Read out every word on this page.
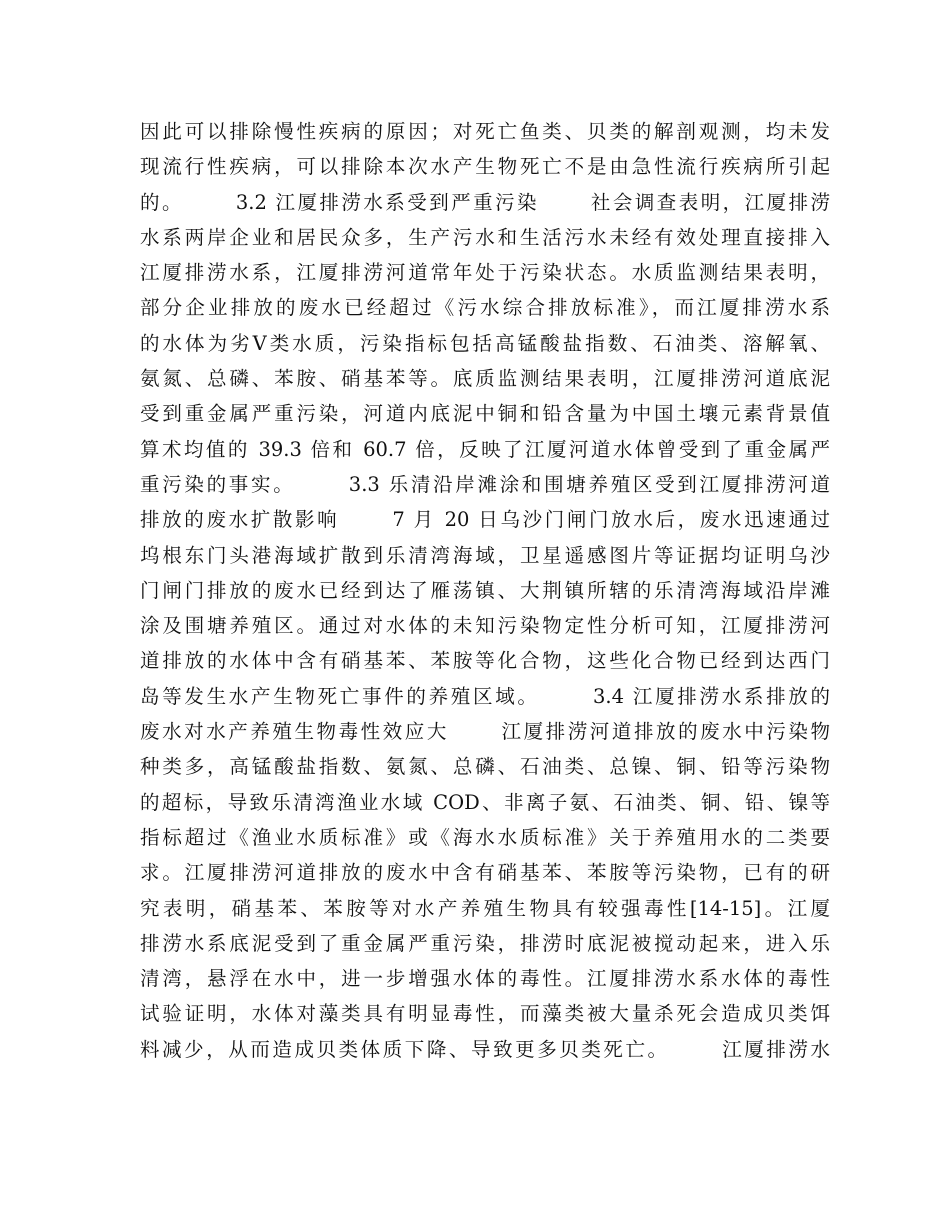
因此可以排除慢性疾病的原因；对死亡鱼类、贝类的解剖观测，均未发
现流行性疾病，可以排除本次水产生物死亡不是由急性流行疾病所引起
的。      3.2 江厦排涝水系受到严重污染      社会调查表明，江厦排涝
水系两岸企业和居民众多，生产污水和生活污水未经有效处理直接排入
江厦排涝水系，江厦排涝河道常年处于污染状态。水质监测结果表明，
部分企业排放的废水已经超过《污水综合排放标准》，而江厦排涝水系
的水体为劣Ⅴ类水质，污染指标包括高锰酸盐指数、石油类、溶解氧、
氨氮、总磷、苯胺、硝基苯等。底质监测结果表明，江厦排涝河道底泥
受到重金属严重污染，河道内底泥中铜和铅含量为中国土壤元素背景值
算术均值的 39.3 倍和 60.7 倍，反映了江厦河道水体曾受到了重金属严
重污染的事实。      3.3 乐清沿岸滩涂和围塘养殖区受到江厦排涝河道
排放的废水扩散影响      7 月 20 日乌沙门闸门放水后，废水迅速通过
坞根东门头港海域扩散到乐清湾海域，卫星遥感图片等证据均证明乌沙
门闸门排放的废水已经到达了雁荡镇、大荆镇所辖的乐清湾海域沿岸滩
涂及围塘养殖区。通过对水体的未知污染物定性分析可知，江厦排涝河
道排放的水体中含有硝基苯、苯胺等化合物，这些化合物已经到达西门
岛等发生水产生物死亡事件的养殖区域。      3.4 江厦排涝水系排放的
废水对水产养殖生物毒性效应大      江厦排涝河道排放的废水中污染物
种类多，高锰酸盐指数、氨氮、总磷、石油类、总镍、铜、铅等污染物
的超标，导致乐清湾渔业水域 COD、非离子氨、石油类、铜、铅、镍等
指标超过《渔业水质标准》或《海水水质标准》关于养殖用水的二类要
求。江厦排涝河道排放的废水中含有硝基苯、苯胺等污染物，已有的研
究表明，硝基苯、苯胺等对水产养殖生物具有较强毒性[14-15]。江厦
排涝水系底泥受到了重金属严重污染，排涝时底泥被搅动起来，进入乐
清湾，悬浮在水中，进一步增强水体的毒性。江厦排涝水系水体的毒性
试验证明，水体对藻类具有明显毒性，而藻类被大量杀死会造成贝类饵
料减少，从而造成贝类体质下降、导致更多贝类死亡。      江厦排涝水
